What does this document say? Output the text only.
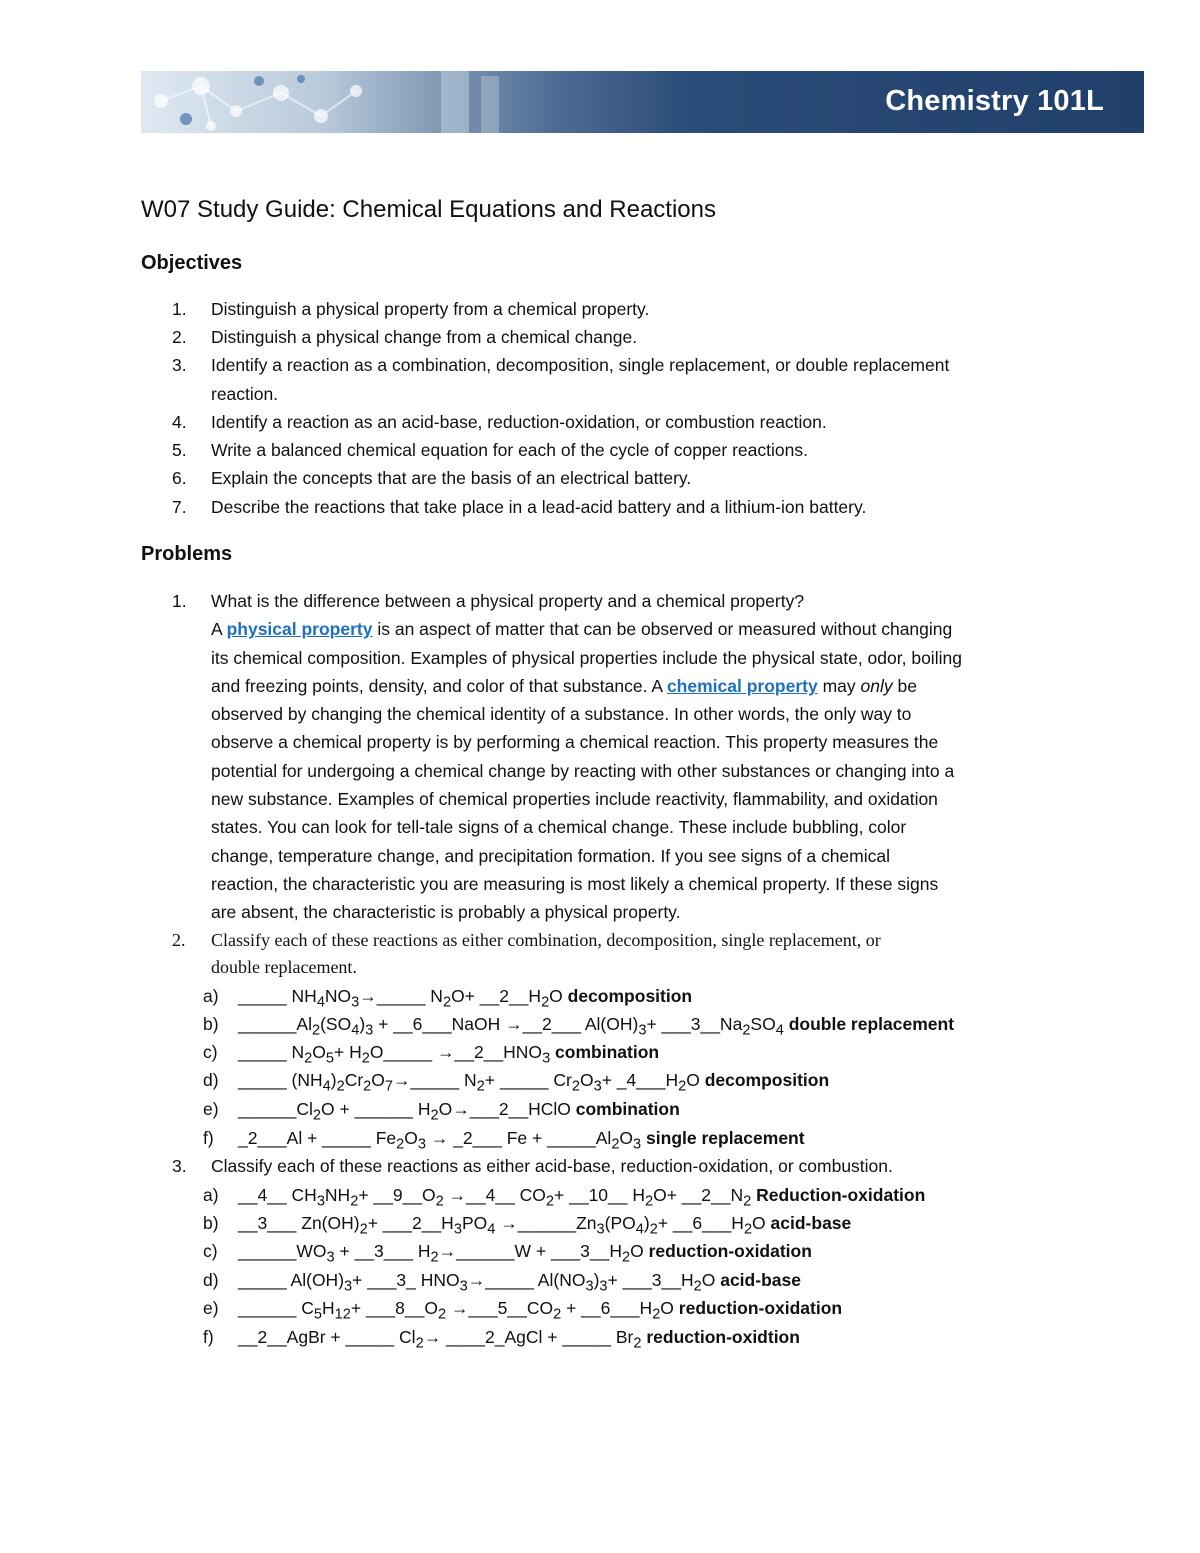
Chemistry 101L
W07 Study Guide: Chemical Equations and Reactions
Objectives
1. Distinguish a physical property from a chemical property.
2. Distinguish a physical change from a chemical change.
3. Identify a reaction as a combination, decomposition, single replacement, or double replacement
reaction.
4. Identify a reaction as an acid-base, reduction-oxidation, or combustion reaction.
5. Write a balanced chemical equation for each of the cycle of copper reactions.
6. Explain the concepts that are the basis of an electrical battery.
7. Describe the reactions that take place in a lead-acid battery and a lithium-ion battery.
Problems
1. What is the difference between a physical property and a chemical property?
A physical property is an aspect of matter that can be observed or measured without changing
its chemical composition. Examples of physical properties include the physical state, odor, boiling
and freezing points, density, and color of that substance. A chemical property may only be
observed by changing the chemical identity of a substance. In other words, the only way to
observe a chemical property is by performing a chemical reaction. This property measures the
potential for undergoing a chemical change by reacting with other substances or changing into a
new substance. Examples of chemical properties include reactivity, flammability, and oxidation
states. You can look for tell-tale signs of a chemical change. These include bubbling, color
change, temperature change, and precipitation formation. If you see signs of a chemical
reaction, the characteristic you are measuring is most likely a chemical property. If these signs
are absent, the characteristic is probably a physical property.
2. Classify each of these reactions as either combination, decomposition, single replacement, or
double replacement.
a) _____ $NH_4NO_3\to\_\_\_\_\_$ $N_2O+$ $\_\_2\_\_H_2O$ decomposition
b) $\_\_\_\_\_\_Al_2(SO_4)_3$ + __6___NaOH →__2___ $Al(OH)_3+$ $\_\_\_3\_\_Na_2SO_4$ double replacement
c) _____ $N_2O_5+$ $H_2O\_\_\_\_\_$ $\to\_\_2\_\_HNO_3$ combination
d) _____ $(NH_4)_2Cr_2O_7\to\_\_\_\_\_$ $N_2+$ _____ $Cr_2O_3+$ $\_4\_\_\_H_2O$ decomposition
e) $\_\_\_\_\_\_Cl_2O$ + ______ $H_2O\to\_\_\_2\_\_HClO$ combination
f) _2___Al + _____ $Fe_2O_3$ → _2___ $Fe + \_\_\_\_\_Al_2O_3$ single replacement
3. Classify each of these reactions as either acid-base, reduction-oxidation, or combustion.
a) __4__ $CH_3NH_2+$ $\_\_9\_\_O_2$ →__4__ $CO_2+$ __10__ $H_2O+$ $\_\_2\_\_N_2$ Reduction-oxidation
b) __3___ $Zn(OH)_2+$ $\_\_\_2\_\_H_3PO_4$ $\to\_\_\_\_\_\_Zn_3(PO_4)_2+$ $\_\_6\_\_\_H_2O$ acid-base
c) $\_\_\_\_\_\_WO_3$ + __3___ $H_2\to\_\_\_\_\_\_W$ + $\_\_\_3\_\_H_2O$ reduction-oxidation
d) _____ $Al(OH)_3+$ ___3_ $HNO_3\to\_\_\_\_\_$ $Al(NO_3)_3+$ $\_\_\_3\_\_H_2O$ acid-base
e) ______ $C_5H_{12}+$ $\_\_\_8\_\_O_2$ $\to\_\_\_5\_\_CO_2$ + $\_\_6\_\_\_H_2O$ reduction-oxidation
f) __2__AgBr + _____ $Cl_2\to$ ____2_AgCl + _____ $Br_2$ reduction-oxidtion
